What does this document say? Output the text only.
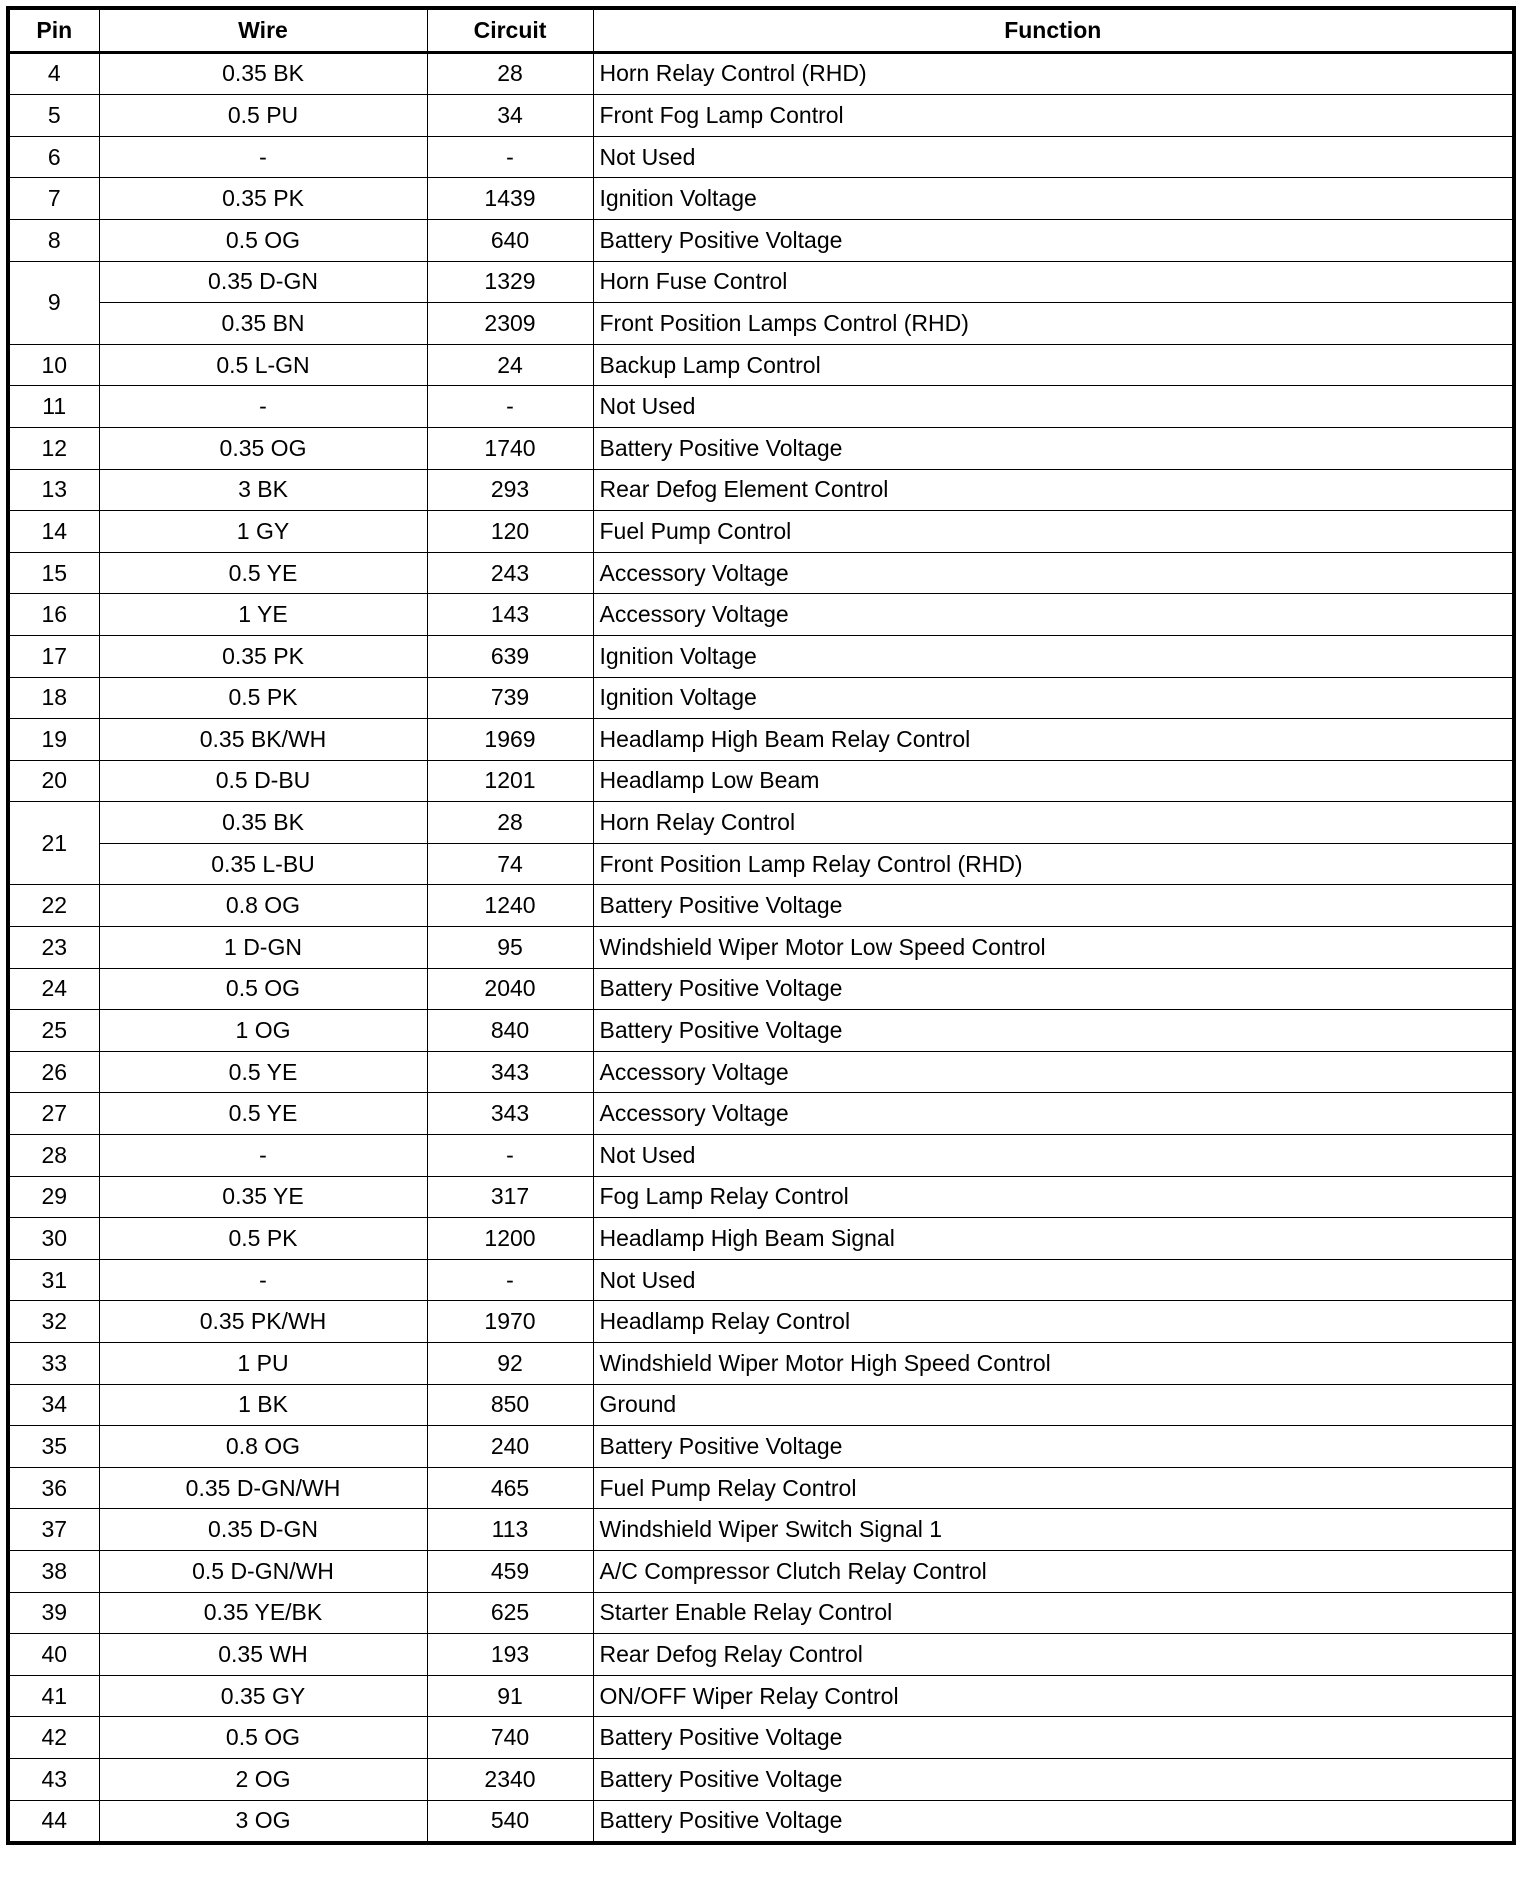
Pin	Wire	Circuit	Function
4	0.35 BK	28	Horn Relay Control (RHD)
5	0.5 PU	34	Front Fog Lamp Control
6	-	-	Not Used
7	0.35 PK	1439	Ignition Voltage
8	0.5 OG	640	Battery Positive Voltage
9	0.35 D-GN	1329	Horn Fuse Control
	0.35 BN	2309	Front Position Lamps Control (RHD)
10	0.5 L-GN	24	Backup Lamp Control
11	-	-	Not Used
12	0.35 OG	1740	Battery Positive Voltage
13	3 BK	293	Rear Defog Element Control
14	1 GY	120	Fuel Pump Control
15	0.5 YE	243	Accessory Voltage
16	1 YE	143	Accessory Voltage
17	0.35 PK	639	Ignition Voltage
18	0.5 PK	739	Ignition Voltage
19	0.35 BK/WH	1969	Headlamp High Beam Relay Control
20	0.5 D-BU	1201	Headlamp Low Beam
21	0.35 BK	28	Horn Relay Control
	0.35 L-BU	74	Front Position Lamp Relay Control (RHD)
22	0.8 OG	1240	Battery Positive Voltage
23	1 D-GN	95	Windshield Wiper Motor Low Speed Control
24	0.5 OG	2040	Battery Positive Voltage
25	1 OG	840	Battery Positive Voltage
26	0.5 YE	343	Accessory Voltage
27	0.5 YE	343	Accessory Voltage
28	-	-	Not Used
29	0.35 YE	317	Fog Lamp Relay Control
30	0.5 PK	1200	Headlamp High Beam Signal
31	-	-	Not Used
32	0.35 PK/WH	1970	Headlamp Relay Control
33	1 PU	92	Windshield Wiper Motor High Speed Control
34	1 BK	850	Ground
35	0.8 OG	240	Battery Positive Voltage
36	0.35 D-GN/WH	465	Fuel Pump Relay Control
37	0.35 D-GN	113	Windshield Wiper Switch Signal 1
38	0.5 D-GN/WH	459	A/C Compressor Clutch Relay Control
39	0.35 YE/BK	625	Starter Enable Relay Control
40	0.35 WH	193	Rear Defog Relay Control
41	0.35 GY	91	ON/OFF Wiper Relay Control
42	0.5 OG	740	Battery Positive Voltage
43	2 OG	2340	Battery Positive Voltage
44	3 OG	540	Battery Positive Voltage
